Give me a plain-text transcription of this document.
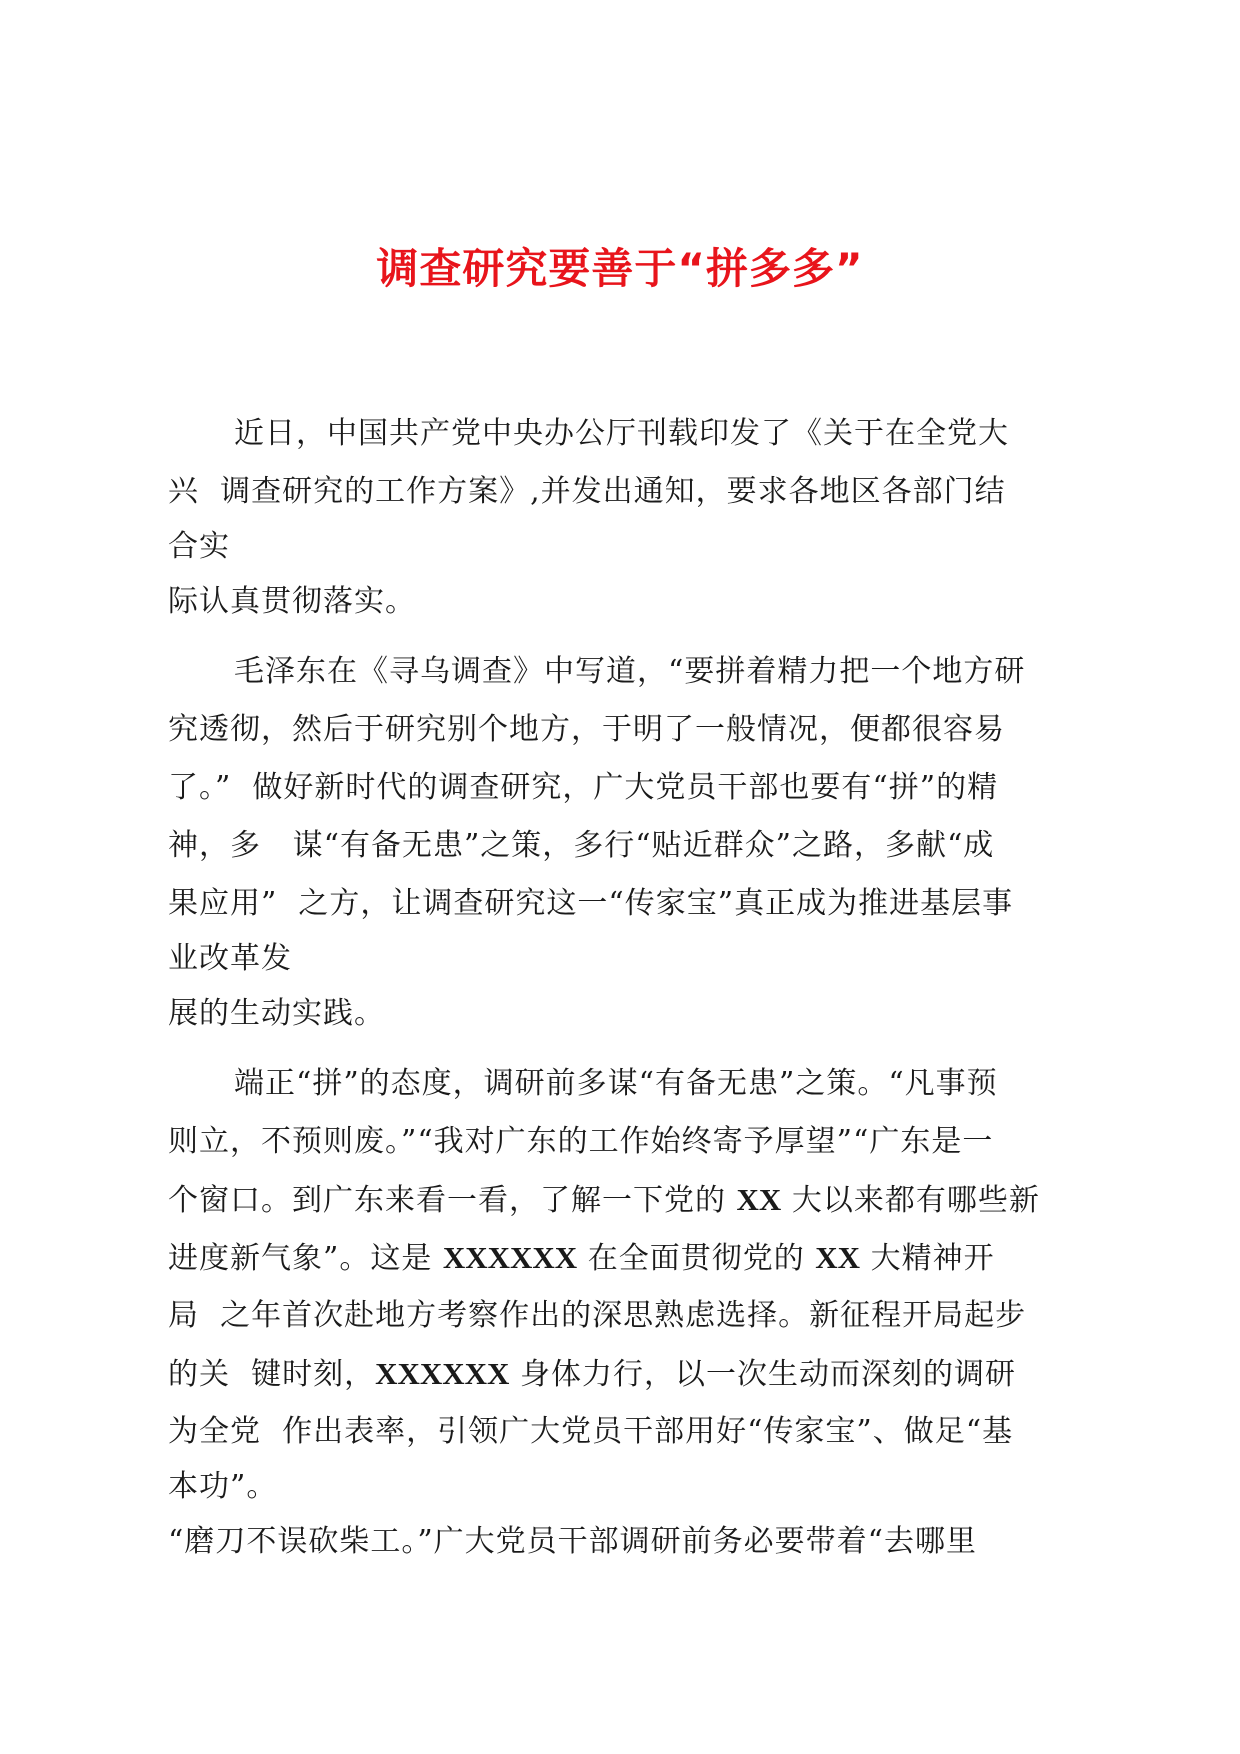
调查研究要善于“拼多多”
近日，中国共产党中央办公厅刊载印发了《关于在全党大
兴  调查研究的工作方案》,并发出通知，要求各地区各部门结
合实
际认真贯彻落实。
毛泽东在《寻乌调查》中写道，“要拼着精力把一个地方研
究透彻，然后于研究别个地方，于明了一般情况，便都很容易
了。”  做好新时代的调查研究，广大党员干部也要有“拼”的精
神，多   谋“有备无患”之策，多行“贴近群众”之路，多献“成
果应用”  之方，让调查研究这一“传家宝”真正成为推进基层事
业改革发
展的生动实践。
端正“拼”的态度，调研前多谋“有备无患”之策。“凡事预
则立，不预则废。”“我对广东的工作始终寄予厚望”“广东是一
个窗口。到广东来看一看，了解一下党的 XX 大以来都有哪些新
进度新气象”。这是 XXXXXX 在全面贯彻党的 XX 大精神开
局  之年首次赴地方考察作出的深思熟虑选择。新征程开局起步
的关  键时刻，XXXXXX 身体力行，以一次生动而深刻的调研
为全党  作出表率，引领广大党员干部用好“传家宝”、做足“基
本功”。
“磨刀不误砍柴工。”广大党员干部调研前务必要带着“去哪里
